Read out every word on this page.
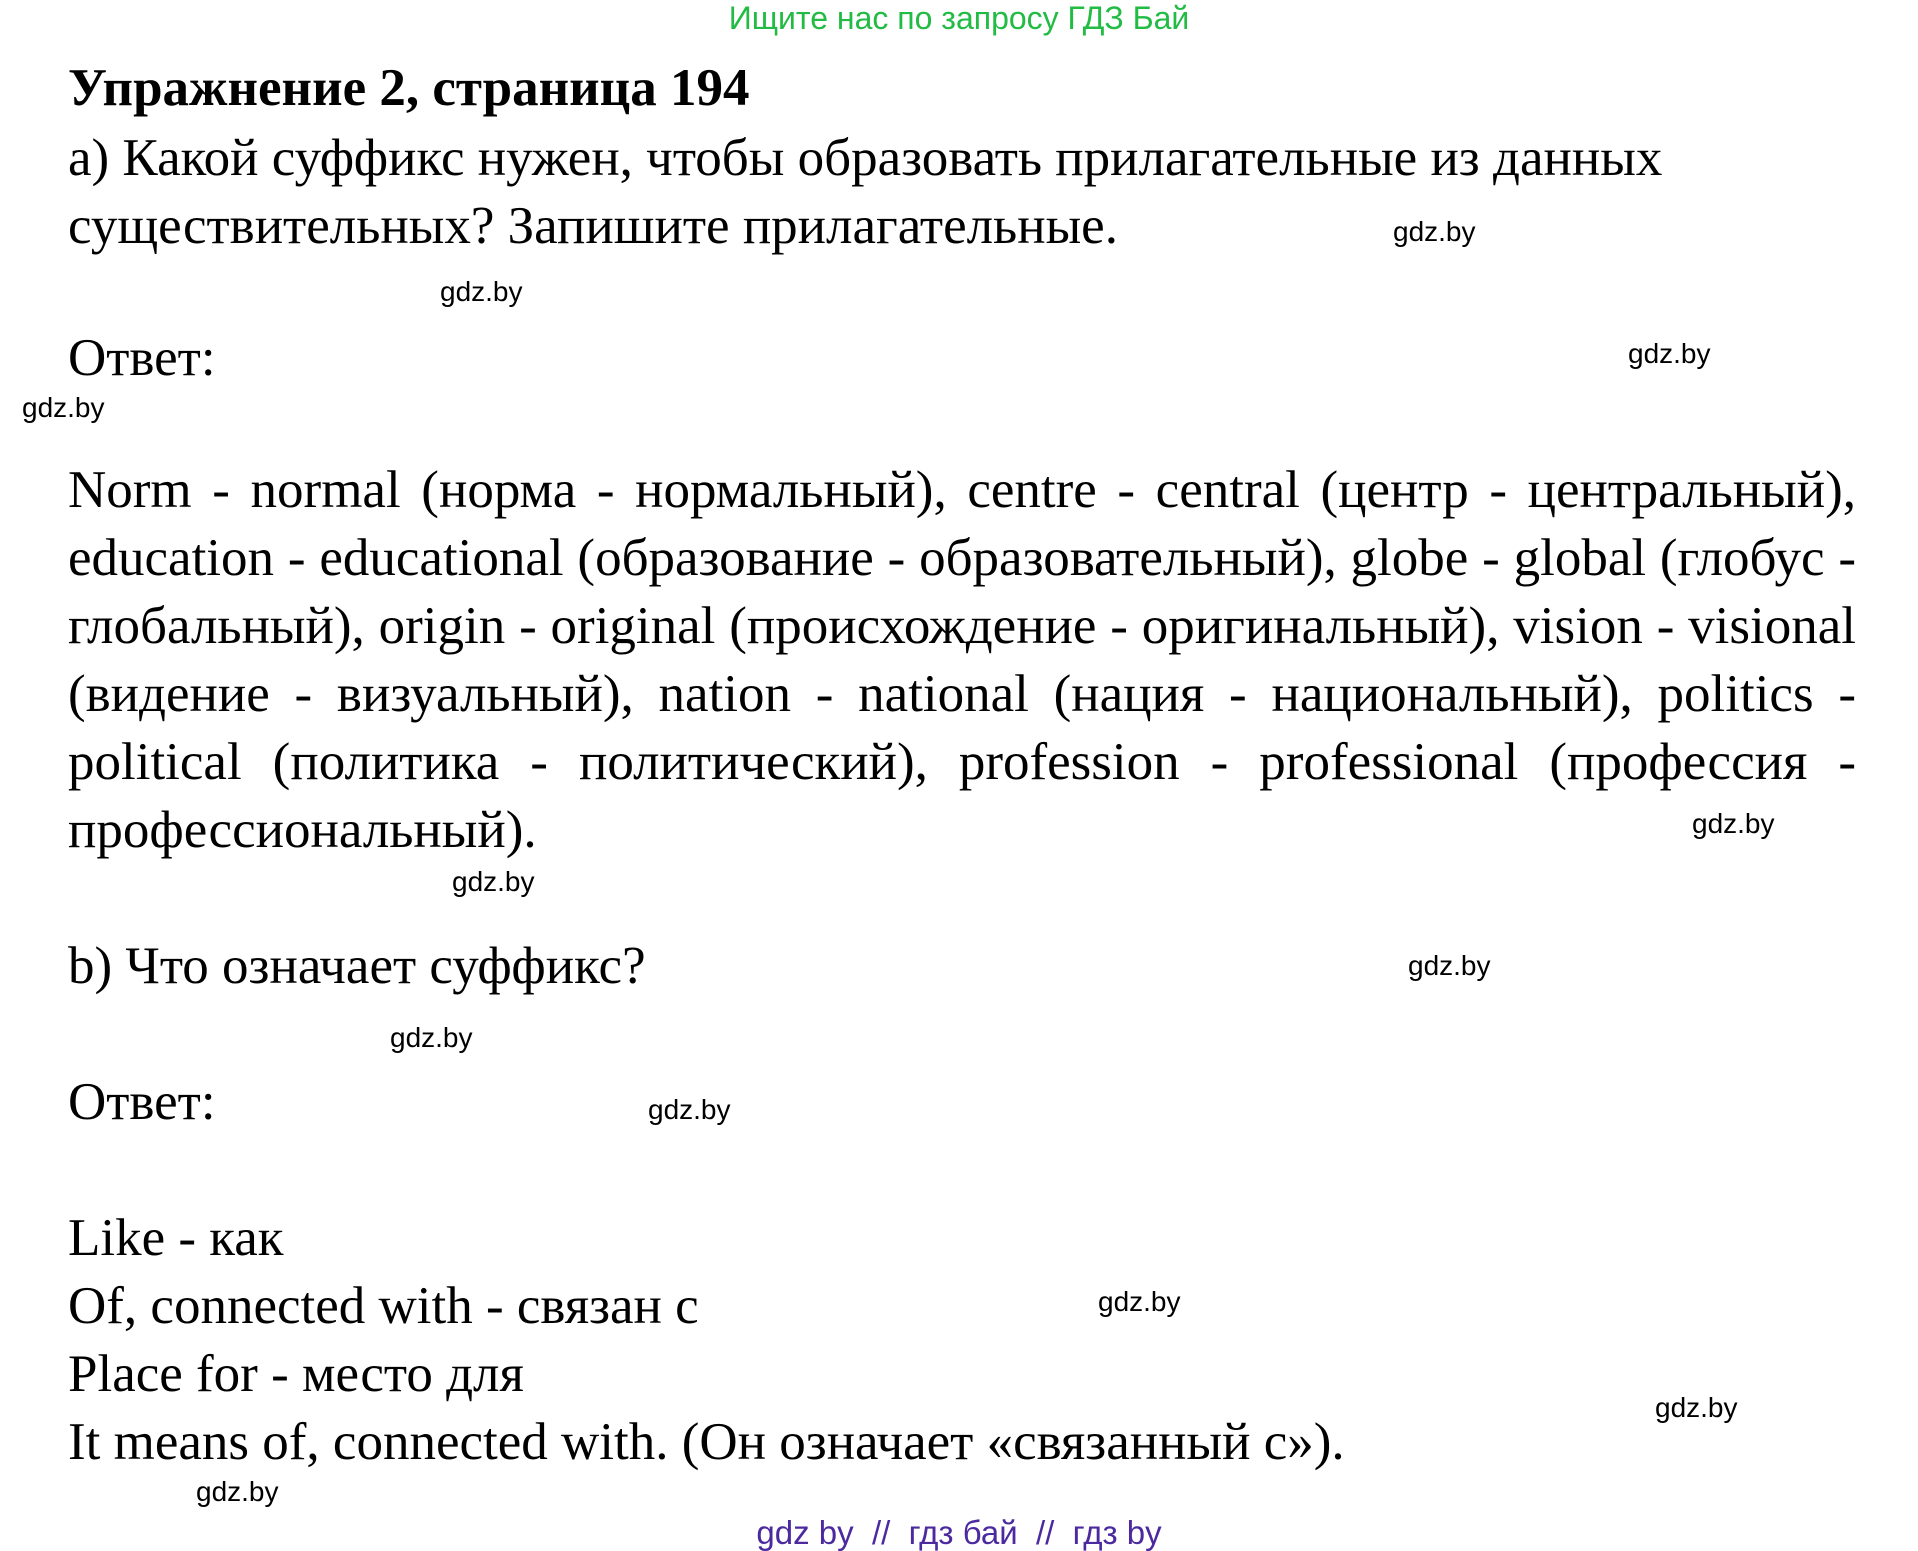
Ищите нас по запросу ГДЗ Бай
Упражнение 2, страница 194
a) Какой суффикс нужен, чтобы образовать прилагательные из данных
существительных? Запишите прилагательные.
Ответ:
Norm - normal (норма - нормальный), centre - central (центр - центральный), education - educational (образование - образовательный), globe - global (глобус - глобальный), origin - original (происхождение - оригинальный), vision - visional (видение - визуальный), nation - national (нация - национальный), politics - political (политика - политический), profession - professional (профессия - профессиональный).
b) Что означает суффикс?
Ответ:
Like - как
Of, connected with - связан с
Place for - место для
It means of, connected with. (Он означает «связанный с»).
gdz.by
gdz.by
gdz.by
gdz.by
gdz.by
gdz.by
gdz.by
gdz.by
gdz.by
gdz.by
gdz.by
gdz.by
gdz by  //  гдз бай  //  гдз by
